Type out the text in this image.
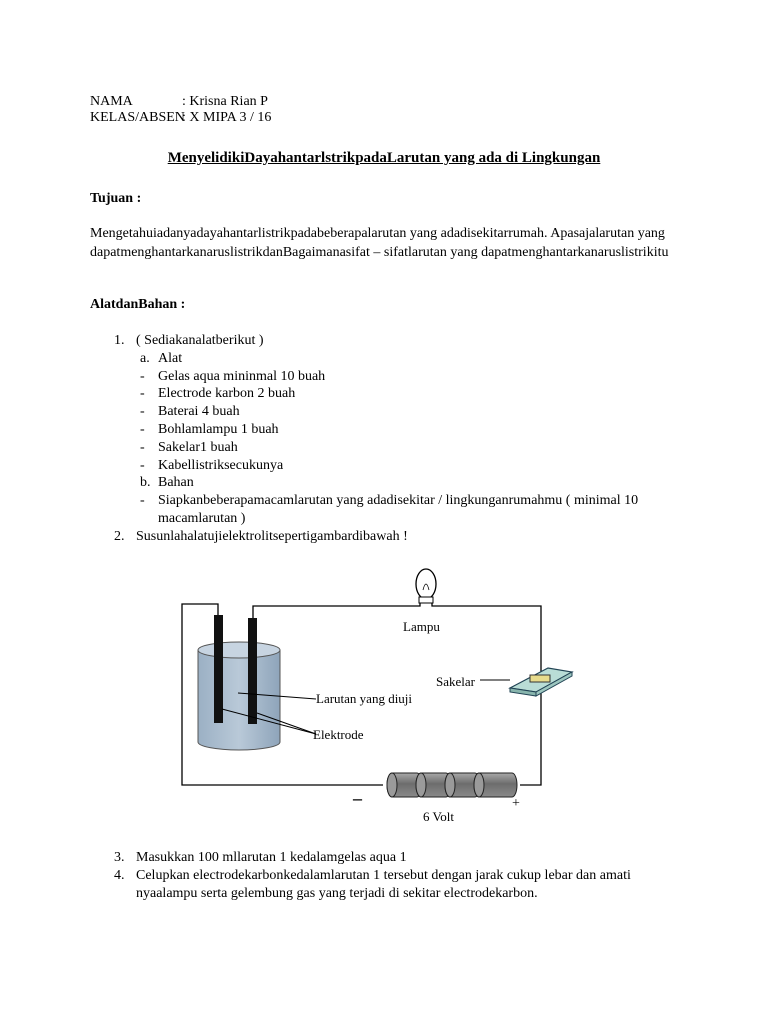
NAMA	: Krisna Rian P
KELAS/ABSEN: X MIPA 3 / 16
MenyelidikiDayahantarlstrikpadaLarutan yang ada di Lingkungan
Tujuan :
Mengetahuiadanyadayahantarlistrikpadabeberapalarutan yang adadisekitarrumah. Apasajalarutan yang dapatmenghantarkanaruslistrikdanBagaimanasifat – sifatlarutan yang dapatmenghantarkanaruslistrikitu
AlatdanBahan :
1. ( Sediakanalatberikut )
a. Alat
- Gelas aqua mininmal 10 buah
- Electrode karbon 2 buah
- Baterai 4 buah
- Bohlamlampu 1 buah
- Sakelar1 buah
- Kabellistriksecukunya
b. Bahan
- Siapkanbeberapamacamlarutan yang adadisekitar / lingkunganrumahmu ( minimal 10 macamlarutan )
2. Susunlahalatujielektrolitsepertigambardibawah !
Lampu
Sakelar
Larutan yang diuji
Elektrode
–	+
6 Volt
3. Masukkan 100 mllarutan 1 kedalamgelas aqua 1
4. Celupkan electrodekarbonkedalamlarutan 1 tersebut dengan jarak cukup lebar dan amati nyaalampu serta gelembung gas yang terjadi di sekitar electrodekarbon.
